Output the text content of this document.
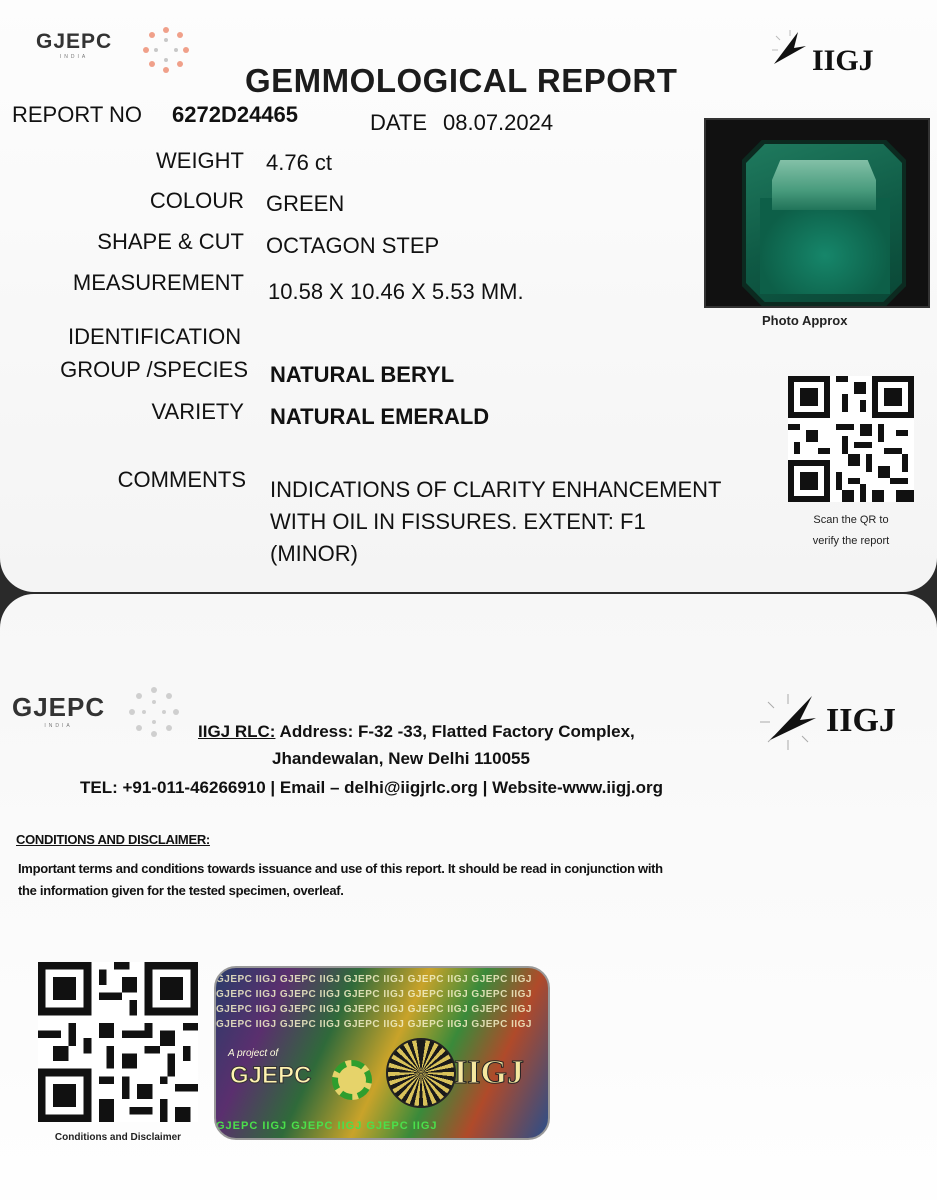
GJEPC
INDIA	IIGJ
GEMMOLOGICAL REPORT
REPORT NO 6272D24465	DATE 08.07.2024
WEIGHT 4.76 ct
COLOUR GREEN
SHAPE & CUT OCTAGON STEP
MEASUREMENT 10.58 X 10.46 X 5.53 MM.
IDENTIFICATION
GROUP /SPECIES NATURAL BERYL
VARIETY NATURAL EMERALD
COMMENTS INDICATIONS OF CLARITY ENHANCEMENT
WITH OIL IN FISSURES. EXTENT: F1
(MINOR)
Photo Approx
Scan the QR to
verify the report
GJEPC
INDIA	IIGJ
IIGJ RLC: Address: F-32 -33, Flatted Factory Complex,
Jhandewalan, New Delhi 110055
TEL: +91-011-46266910 | Email – delhi@iigjrlc.org | Website-www.iigj.org
CONDITIONS AND DISCLAIMER:
Important terms and conditions towards issuance and use of this report. It should be read in conjunction with
the information given for the tested specimen, overleaf.
Conditions and Disclaimer
GJEPC IIGJ GJEPC IIGJ GJEPC IIGJ GJEPC IIGJ GJEPC IIGJ
GJEPC IIGJ GJEPC IIGJ GJEPC IIGJ GJEPC IIGJ GJEPC IIGJ
GJEPC IIGJ GJEPC IIGJ GJEPC IIGJ GJEPC IIGJ GJEPC IIGJ
GJEPC IIGJ GJEPC IIGJ GJEPC IIGJ GJEPC IIGJ GJEPC IIGJ
A project of
GJEPC	IIGJ
GJEPC IIGJ GJEPC IIGJ GJEPC IIGJ
